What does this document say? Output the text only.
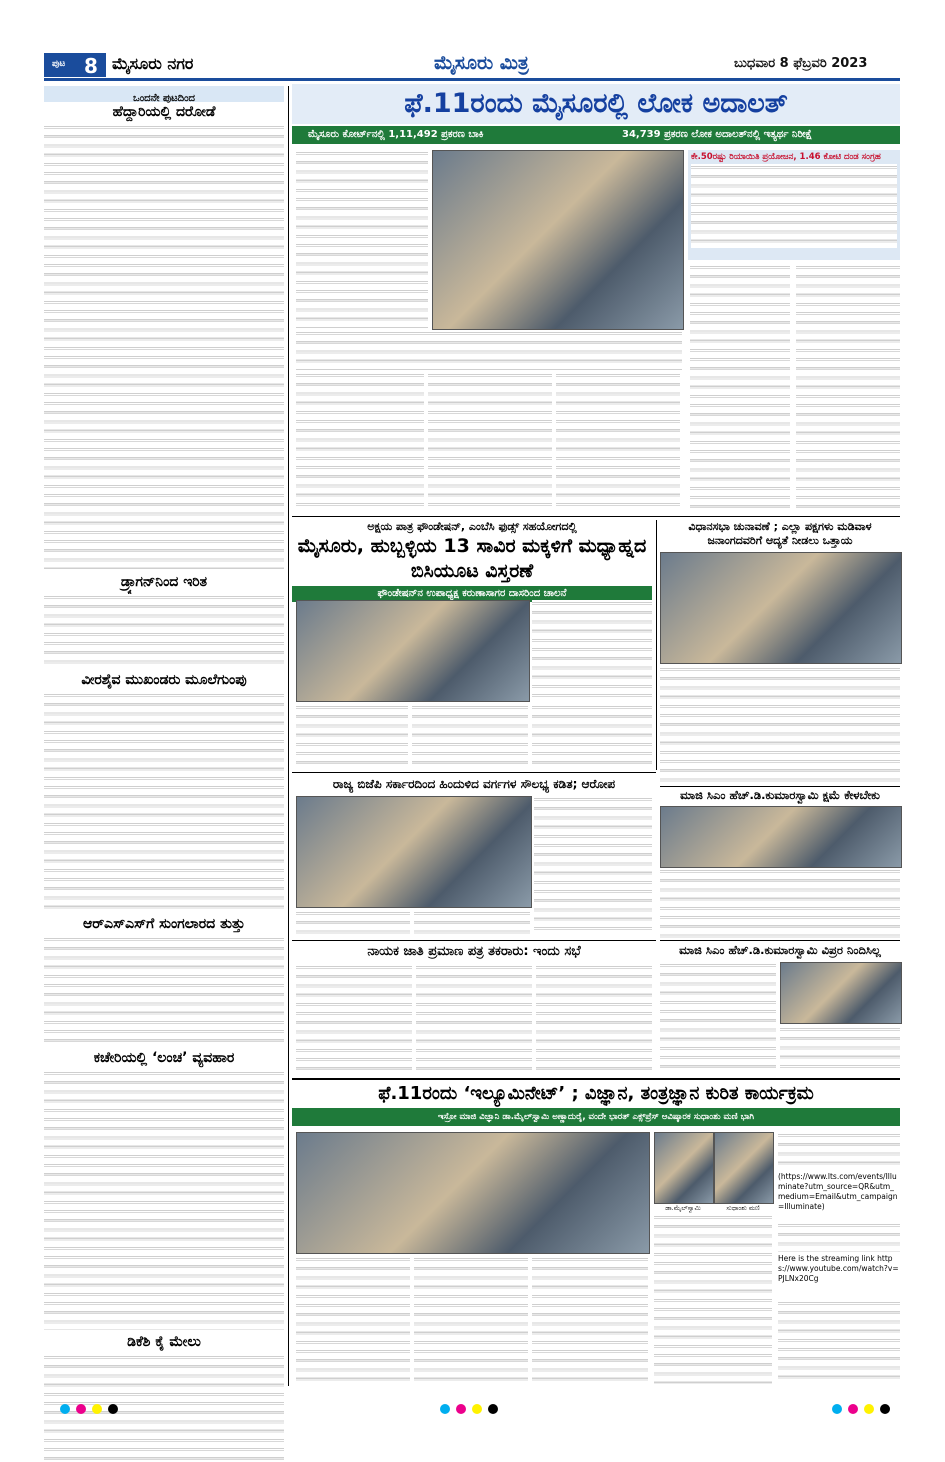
ಪುಟ 8 ಮೈಸೂರು ನಗರ	ಮೈಸೂರು ಮಿತ್ರ	ಬುಧವಾರ 8 ಫೆಬ್ರವರಿ 2023
ಒಂದನೇ ಪುಟದಿಂದ
ಹೆದ್ದಾರಿಯಲ್ಲಿ ದರೋಡೆ
ಡ್ರ್ಯಾಗನ್‌ನಿಂದ ಇರಿತ
ವೀರಶೈವ ಮುಖಂಡರು ಮೂಲೆಗುಂಪು
ಆರ್‌ಎಸ್‌ಎಸ್‌ಗೆ ಸುಂಗಲಾರದ ತುತ್ತು
ಕಚೇರಿಯಲ್ಲಿ ‘ಲಂಚ’ ವ್ಯವಹಾರ
ಡಿಕೆಶಿ ಕೈ ಮೇಲು
ಫೆ.11ರಂದು ಮೈಸೂರಲ್ಲಿ ಲೋಕ ಅದಾಲತ್
ಮೈಸೂರು ಕೋರ್ಟ್‌ನಲ್ಲಿ 1,11,492 ಪ್ರಕರಣ ಬಾಕಿ	34,739 ಪ್ರಕರಣ ಲೋಕ ಅದಾಲತ್‌ನಲ್ಲಿ ಇತ್ಯರ್ಥ ನಿರೀಕ್ಷೆ
ಕೇ.50ರಷ್ಟು ರಿಯಾಯಿತಿ ಪ್ರಯೋಜನ, 1.46 ಕೋಟಿ ದಂಡ ಸಂಗ್ರಹ
ಅಕ್ಷಯ ಪಾತ್ರ ಫೌಂಡೇಷನ್, ಎಂಬೆಸಿ ಫುಡ್ಸ್ ಸಹಯೋಗದಲ್ಲಿ
ಮೈಸೂರು, ಹುಬ್ಬಳ್ಳಿಯ 13 ಸಾವಿರ ಮಕ್ಕಳಿಗೆ ಮಧ್ಯಾಹ್ನದ ಬಿಸಿಯೂಟ ವಿಸ್ತರಣೆ
ಫೌಂಡೇಷನ್‌ನ ಉಪಾಧ್ಯಕ್ಷ ಕರುಣಾಸಾಗರ ದಾಸರಿಂದ ಚಾಲನೆ
ವಿಧಾನಸಭಾ ಚುನಾವಣೆ ; ಎಲ್ಲಾ ಪಕ್ಷಗಳು ಮಡಿವಾಳ ಜನಾಂಗದವರಿಗೆ ಆದ್ಯತೆ ನೀಡಲು ಒತ್ತಾಯ
ರಾಜ್ಯ ಬಿಜೆಪಿ ಸರ್ಕಾರದಿಂದ ಹಿಂದುಳಿದ ವರ್ಗಗಳ ಸೌಲಭ್ಯ ಕಡಿತ; ಆರೋಪ
ಮಾಜಿ ಸಿಎಂ ಹೆಚ್.ಡಿ.ಕುಮಾರಸ್ವಾಮಿ ಕ್ಷಮೆ ಕೇಳಬೇಕು
ನಾಯಕ ಜಾತಿ ಪ್ರಮಾಣ ಪತ್ರ ತಕರಾರು: ಇಂದು ಸಭೆ	ಮಾಜಿ ಸಿಎಂ ಹೆಚ್.ಡಿ.ಕುಮಾರಸ್ವಾಮಿ ವಿಪ್ರರ ನಿಂದಿಸಿಲ್ಲ
ಫೆ.11ರಂದು ‘ಇಲ್ಯೂಮಿನೇಟ್’ ; ವಿಜ್ಞಾನ, ತಂತ್ರಜ್ಞಾನ ಕುರಿತ ಕಾರ್ಯಕ್ರಮ
ಇಸ್ರೋ ಮಾಜಿ ವಿಜ್ಞಾನಿ ಡಾ.ಮೈಲ್‌ಸ್ವಾಮಿ ಅಣ್ಣಾದುರೈ, ವಂದೇ ಭಾರತ್ ಎಕ್ಸ್‌ಪ್ರೆಸ್ ಆವಿಷ್ಕಾರಕ ಸುಧಾಂಶು ಮಣಿ ಭಾಗಿ
ಡಾ.ಮೈಲ್‌ಸ್ವಾಮಿ	ಸುಧಾಂಶು ಮಣಿ
(https://www.lts.com/events/Illuminate?utm_source=QR&utm_medium=Email&utm_campaign=Illuminate)
Here is the streaming link https://www.youtube.com/watch?v=PJLNx20Cg
